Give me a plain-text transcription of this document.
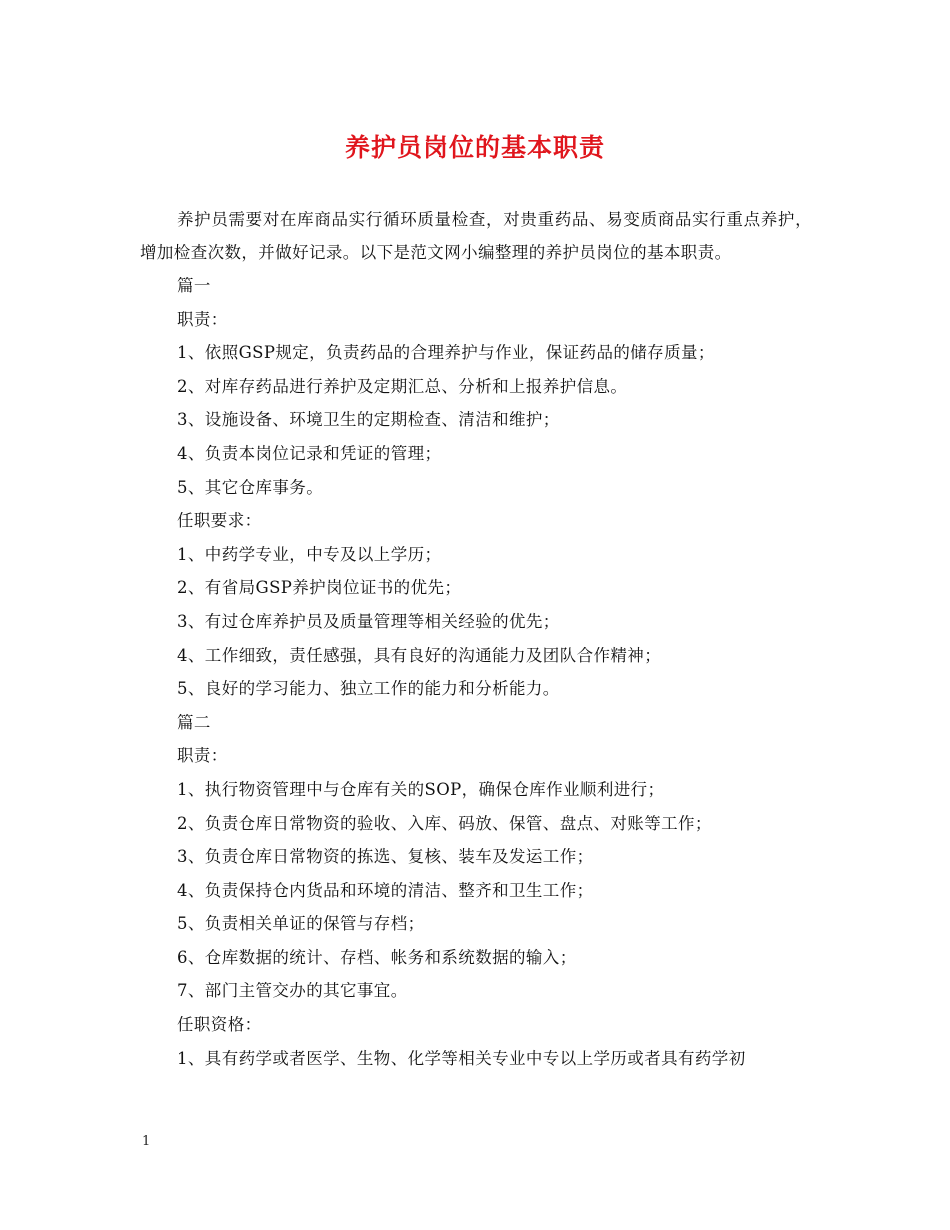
养护员岗位的基本职责

养护员需要对在库商品实行循环质量检查，对贵重药品、易变质商品实行重点养护，增加检查次数，并做好记录。以下是范文网小编整理的养护员岗位的基本职责。

篇一
职责：
1、依照GSP规定，负责药品的合理养护与作业，保证药品的储存质量；
2、对库存药品进行养护及定期汇总、分析和上报养护信息。
3、设施设备、环境卫生的定期检查、清洁和维护；
4、负责本岗位记录和凭证的管理；
5、其它仓库事务。
任职要求：
1、中药学专业，中专及以上学历；
2、有省局GSP养护岗位证书的优先；
3、有过仓库养护员及质量管理等相关经验的优先；
4、工作细致，责任感强，具有良好的沟通能力及团队合作精神；
5、良好的学习能力、独立工作的能力和分析能力。
篇二
职责：
1、执行物资管理中与仓库有关的SOP，确保仓库作业顺利进行；
2、负责仓库日常物资的验收、入库、码放、保管、盘点、对账等工作；
3、负责仓库日常物资的拣选、复核、装车及发运工作；
4、负责保持仓内货品和环境的清洁、整齐和卫生工作；
5、负责相关单证的保管与存档；
6、仓库数据的统计、存档、帐务和系统数据的输入；
7、部门主管交办的其它事宜。
任职资格：
1、具有药学或者医学、生物、化学等相关专业中专以上学历或者具有药学初
1
